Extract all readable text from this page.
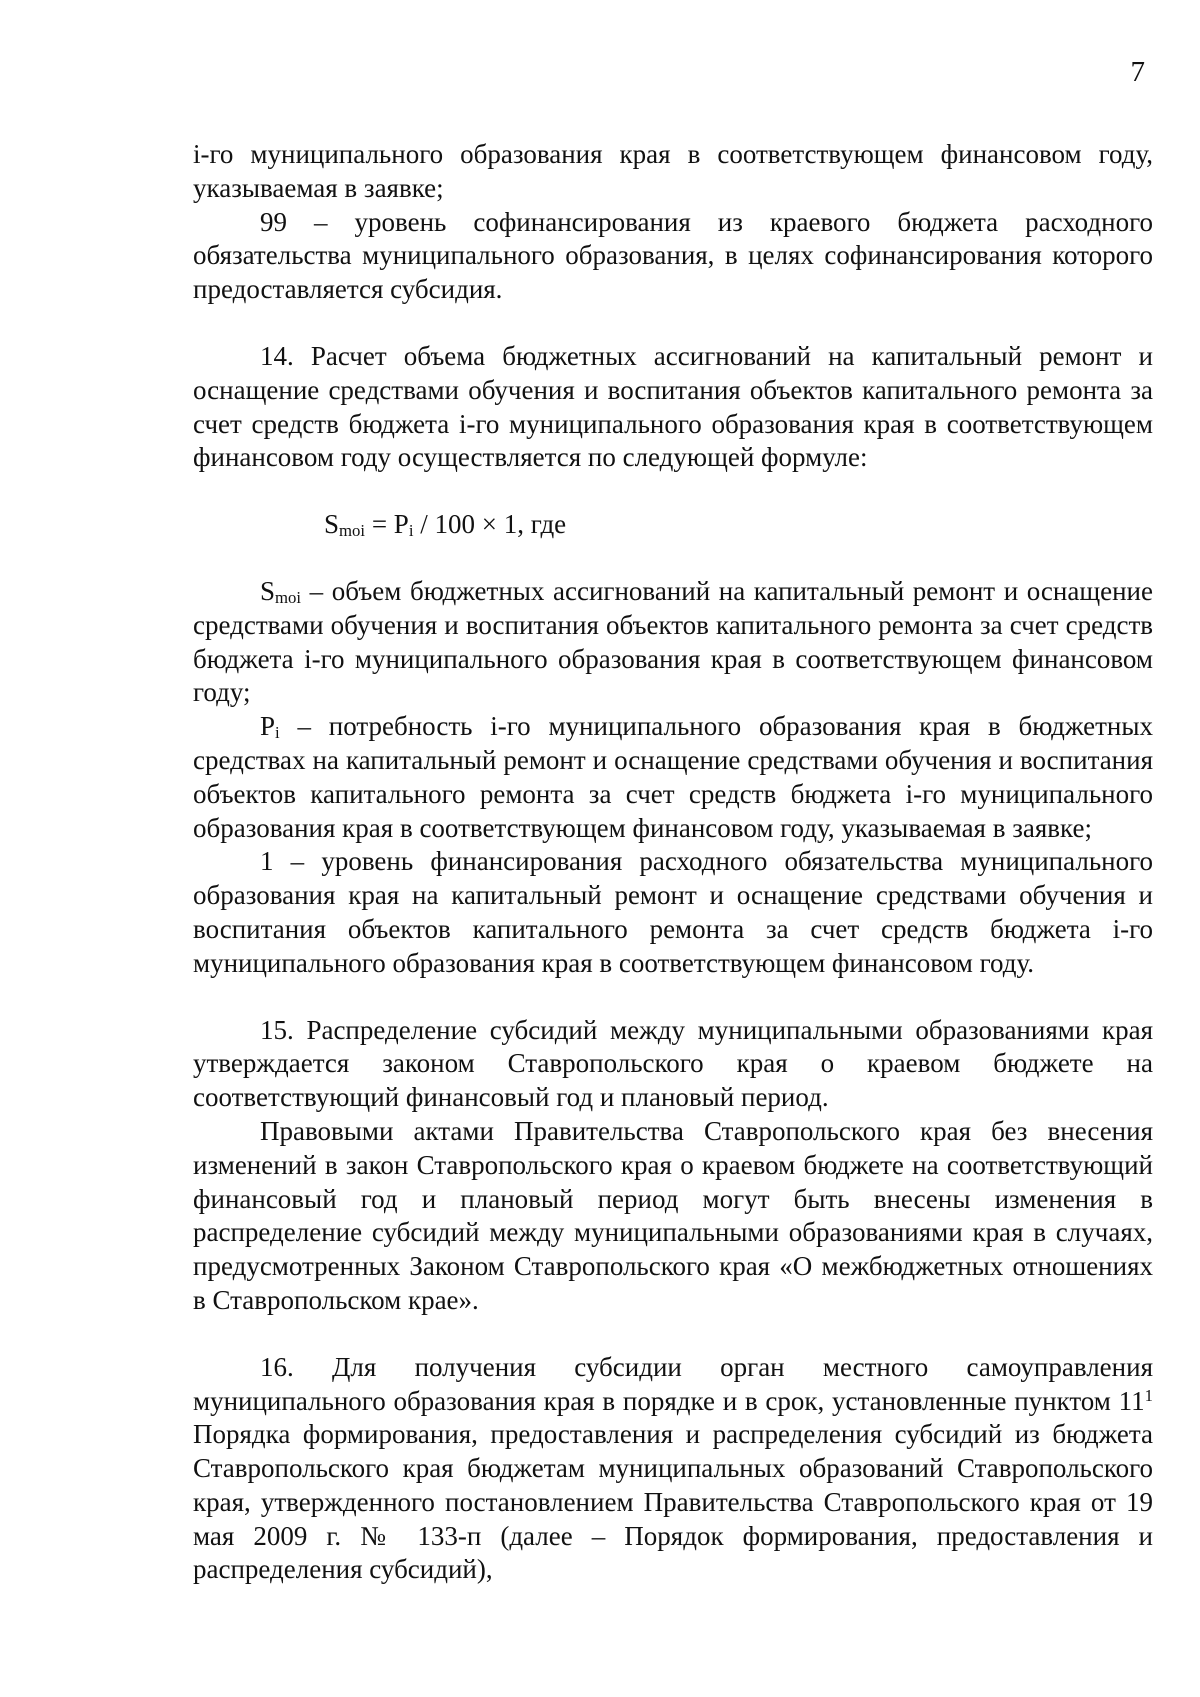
7

i-го муниципального образования края в соответствующем финансовом году, указываемая в заявке;

99 – уровень софинансирования из краевого бюджета расходного обязательства муниципального образования, в целях софинансирования которого предоставляется субсидия.

14. Расчет объема бюджетных ассигнований на капитальный ремонт и оснащение средствами обучения и воспитания объектов капитального ремонта за счет средств бюджета i-го муниципального образования края в соответствующем финансовом году осуществляется по следующей формуле:

$S_{moi} = P_i / 100 \times 1$, где

$S_{moi}$ – объем бюджетных ассигнований на капитальный ремонт и оснащение средствами обучения и воспитания объектов капитального ремонта за счет средств бюджета i-го муниципального образования края в соответствующем финансовом году;

$P_i$ – потребность i-го муниципального образования края в бюджетных средствах на капитальный ремонт и оснащение средствами обучения и воспитания объектов капитального ремонта за счет средств бюджета i-го муниципального образования края в соответствующем финансовом году, указываемая в заявке;

1 – уровень финансирования расходного обязательства муниципального образования края на капитальный ремонт и оснащение средствами обучения и воспитания объектов капитального ремонта за счет средств бюджета i-го муниципального образования края в соответствующем финансовом году.

15. Распределение субсидий между муниципальными образованиями края утверждается законом Ставропольского края о краевом бюджете на соответствующий финансовый год и плановый период.

Правовыми актами Правительства Ставропольского края без внесения изменений в закон Ставропольского края о краевом бюджете на соответствующий финансовый год и плановый период могут быть внесены изменения в распределение субсидий между муниципальными образованиями края в случаях, предусмотренных Законом Ставропольского края «О межбюджетных отношениях в Ставропольском крае».

16. Для получения субсидии орган местного самоуправления муниципального образования края в порядке и в срок, установленные пунктом $11^1$ Порядка формирования, предоставления и распределения субсидий из бюджета Ставропольского края бюджетам муниципальных образований Ставропольского края, утвержденного постановлением Правительства Ставропольского края от 19 мая 2009 г. № 133-п (далее – Порядок формирования, предоставления и распределения субсидий),
